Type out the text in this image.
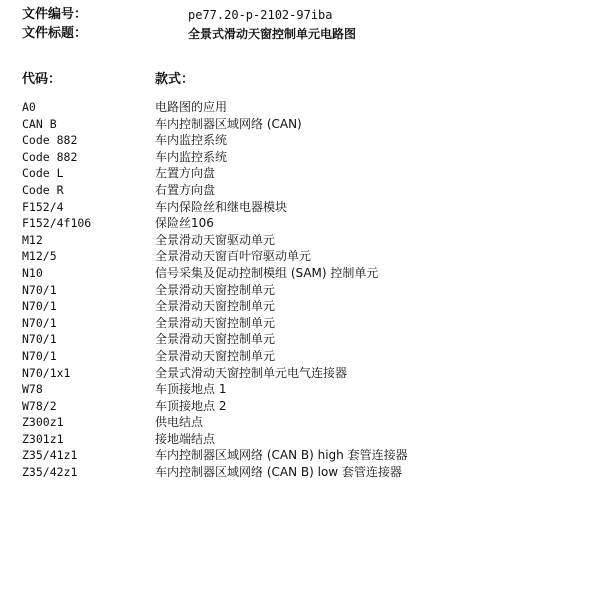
文件编号：	pe77.20-p-2102-97iba
文件标题：	全景式滑动天窗控制单元电路图
代码：	款式：
A0	电路图的应用
CAN B	车内控制器区域网络 (CAN)
Code 882	车内监控系统
Code 882	车内监控系统
Code L	左置方向盘
Code R	右置方向盘
F152/4	车内保险丝和继电器模块
F152/4f106	保险丝106
M12	全景滑动天窗驱动单元
M12/5	全景滑动天窗百叶帘驱动单元
N10	信号采集及促动控制模组 (SAM) 控制单元
N70/1	全景滑动天窗控制单元
N70/1	全景滑动天窗控制单元
N70/1	全景滑动天窗控制单元
N70/1	全景滑动天窗控制单元
N70/1	全景滑动天窗控制单元
N70/1x1	全景式滑动天窗控制单元电气连接器
W78	车顶接地点 1
W78/2	车顶接地点 2
Z300z1	供电结点
Z301z1	接地端结点
Z35/41z1	车内控制器区域网络 (CAN B) high 套管连接器
Z35/42z1	车内控制器区域网络 (CAN B) low 套管连接器
